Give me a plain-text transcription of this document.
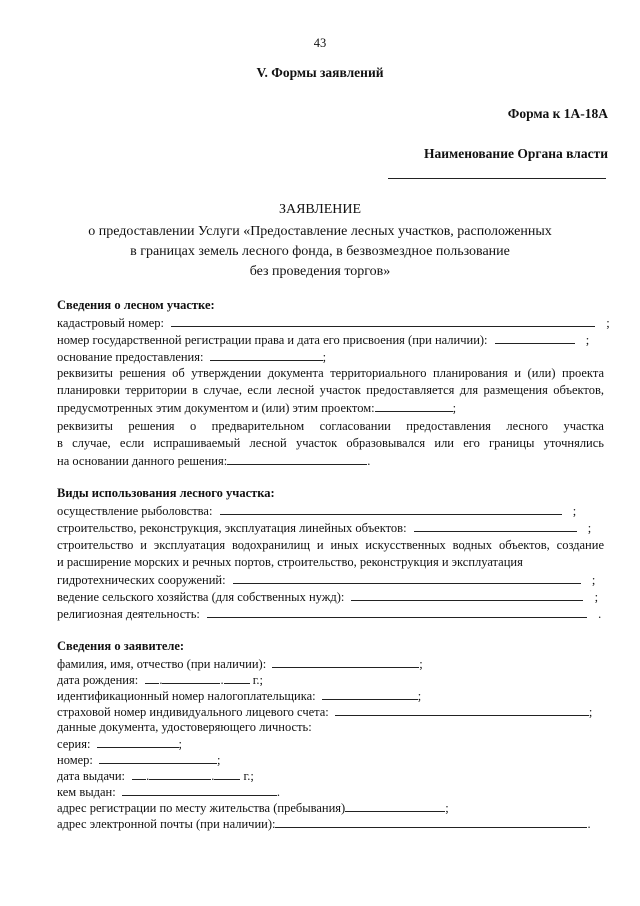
43
V. Формы заявлений
Форма к 1А-18А
Наименование Органа власти
ЗАЯВЛЕНИЕ
о предоставлении Услуги «Предоставление лесных участков, расположенных
в границах земель лесного фонда, в безвозмездное пользование
без проведения торгов»
Сведения о лесном участке:
кадастровый номер:	;
номер государственной регистрации права и дата его присвоения (при наличии):	;
основание предоставления:	;
реквизиты решения об утверждении документа территориального планирования и (или) проекта
планировки территории в случае, если лесной участок предоставляется для размещения объектов,
предусмотренных этим документом и (или) этим проектом:	;
реквизиты решения о предварительном согласовании предоставления лесного участка
в случае, если испрашиваемый лесной участок образовывался или его границы уточнялись
на основании данного решения:	.
Виды использования лесного участка:
осуществление рыболовства:	;
строительство, реконструкция, эксплуатация линейных объектов:	;
строительство и эксплуатация водохранилищ и иных искусственных водных объектов, создание
и расширение морских и речных портов, строительство, реконструкция и эксплуатация
гидротехнических сооружений:	;
ведение сельского хозяйства (для собственных нужд):	;
религиозная деятельность:	.
Сведения о заявителе:
фамилия, имя, отчество (при наличии):	;
дата рождения: .	. г.;
идентификационный номер налогоплательщика:	;
страховой номер индивидуального лицевого счета:	;
данные документа, удостоверяющего личность:
серия:	;
номер:	;
дата выдачи: .	. г.;
кем выдан:	.
адрес регистрации по месту жительства (пребывания)	;
адрес электронной почты (при наличии):	.
